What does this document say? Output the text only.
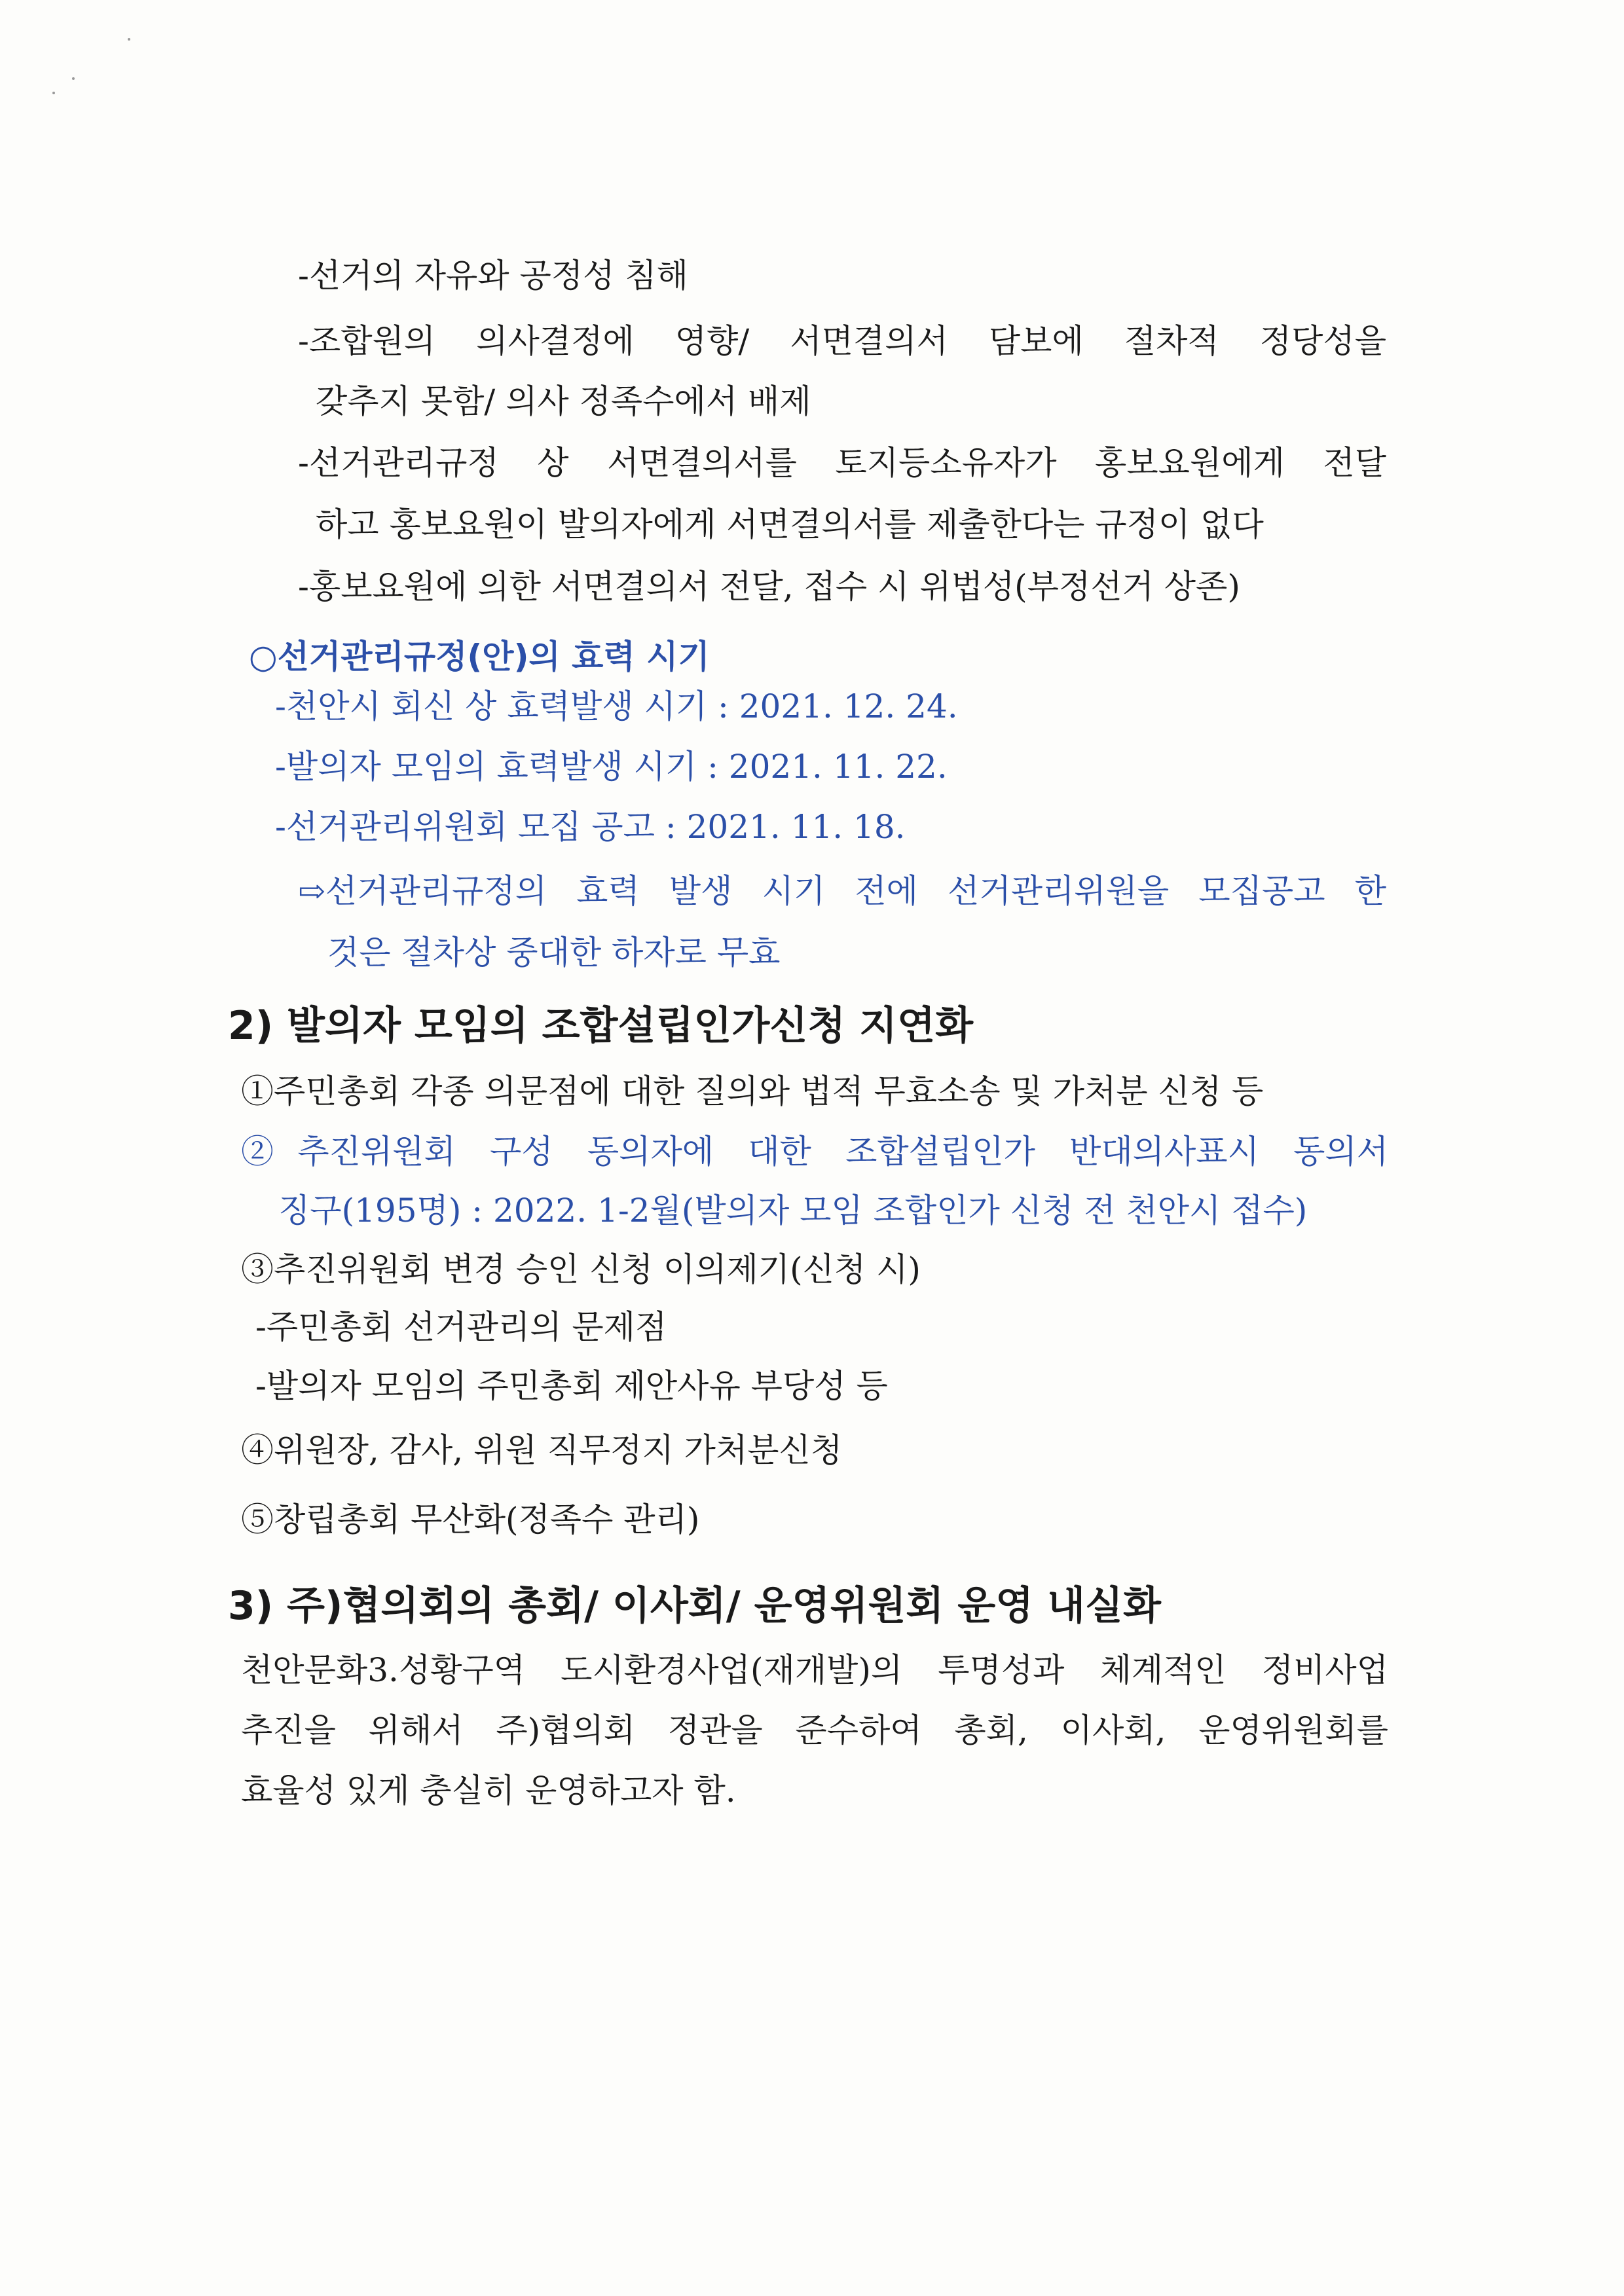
-선거의 자유와 공정성 침해
-조합원의 의사결정에 영향/ 서면결의서 담보에 절차적 정당성을
갖추지 못함/ 의사 정족수에서 배제
-선거관리규정 상 서면결의서를 토지등소유자가 홍보요원에게 전달
하고 홍보요원이 발의자에게 서면결의서를 제출한다는 규정이 없다
-홍보요원에 의한 서면결의서 전달, 접수 시 위법성(부정선거 상존)
○선거관리규정(안)의 효력 시기
-천안시 회신 상 효력발생 시기 : 2021. 12. 24.
-발의자 모임의 효력발생 시기 : 2021. 11. 22.
-선거관리위원회 모집 공고 : 2021. 11. 18.
⇨선거관리규정의 효력 발생 시기 전에 선거관리위원을 모집공고 한
것은 절차상 중대한 하자로 무효
2) 발의자 모임의 조합설립인가신청 지연화
①주민총회 각종 의문점에 대한 질의와 법적 무효소송 및 가처분 신청 등
②추진위원회 구성 동의자에 대한 조합설립인가 반대의사표시 동의서
징구(195명) : 2022. 1-2월(발의자 모임 조합인가 신청 전 천안시 접수)
③추진위원회 변경 승인 신청 이의제기(신청 시)
-주민총회 선거관리의 문제점
-발의자 모임의 주민총회 제안사유 부당성 등
④위원장, 감사, 위원 직무정지 가처분신청
⑤창립총회 무산화(정족수 관리)
3) 주)협의회의 총회/ 이사회/ 운영위원회 운영 내실화
천안문화3.성황구역 도시환경사업(재개발)의 투명성과 체계적인 정비사업
추진을 위해서 주)협의회 정관을 준수하여 총회, 이사회, 운영위원회를
효율성 있게 충실히 운영하고자 함.
